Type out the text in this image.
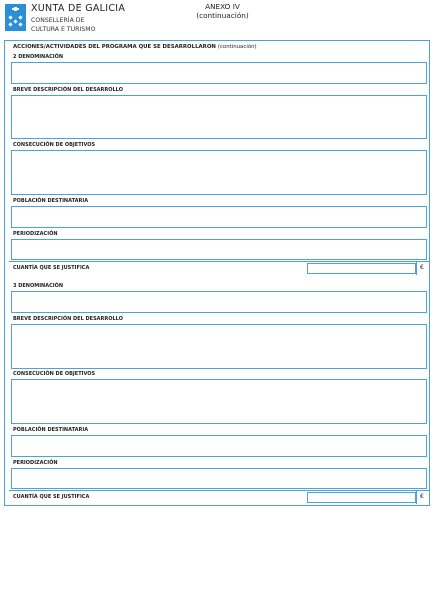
XUNTA DE GALICIA
CONSELLERÍA DE
CULTURA E TURISMO
ANEXO IV
(continuación)
ACCIONES/ACTIVIDADES DEL PROGRAMA QUE SE DESARROLLARON (continuación)
2 DENOMINACIÓN
BREVE DESCRIPCIÓN DEL DESARROLLO
CONSECUCIÓN DE OBJETIVOS
POBLACIÓN DESTINATARIA
PERIODIZACIÓN
CUANTÍA QUE SE JUSTIFICA	€
3 DENOMINACIÓN
BREVE DESCRIPCIÓN DEL DESARROLLO
CONSECUCIÓN DE OBJETIVOS
POBLACIÓN DESTINATARIA
PERIODIZACIÓN
CUANTÍA QUE SE JUSTIFICA	€
